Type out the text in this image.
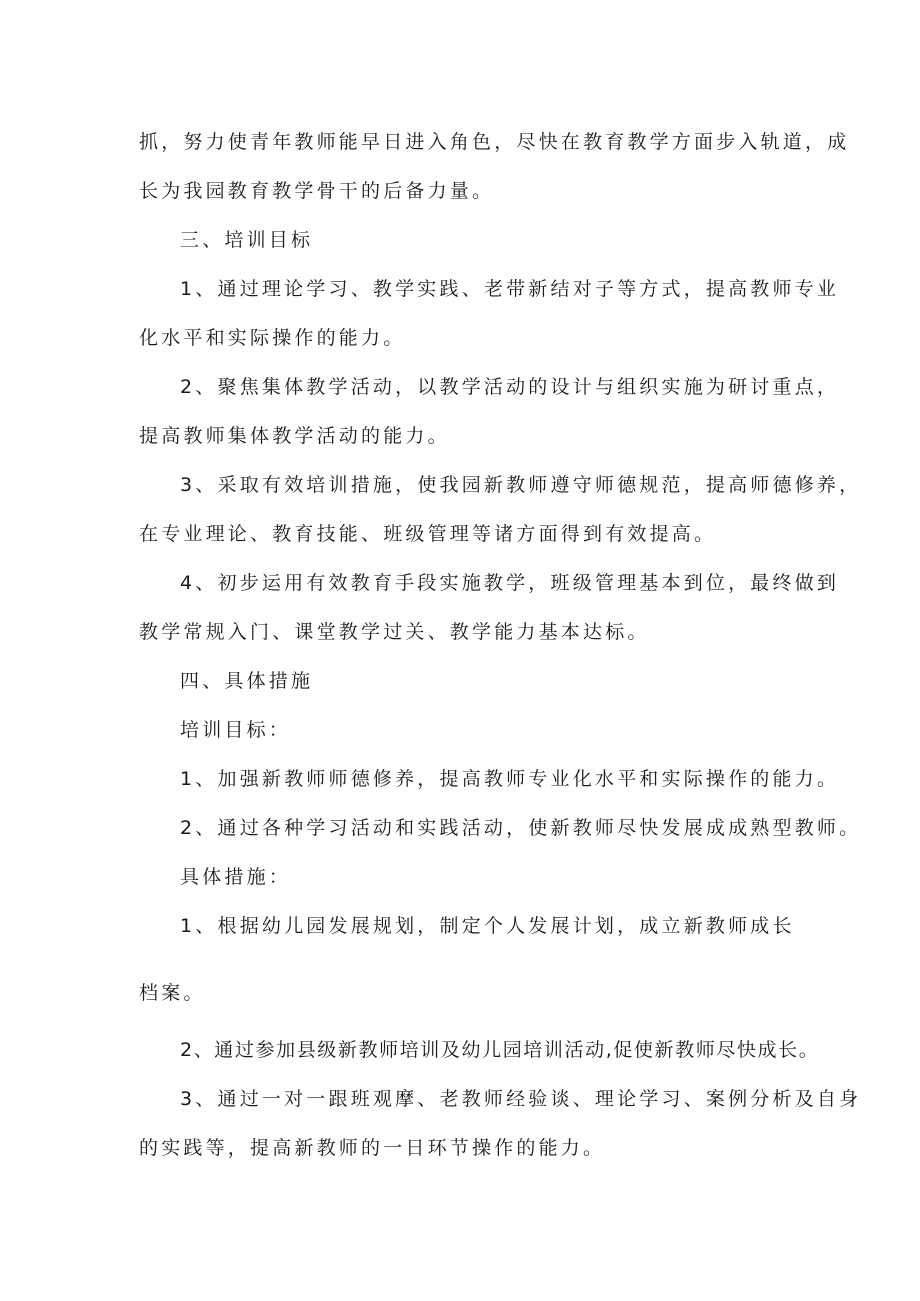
抓，努力使青年教师能早日进入角色，尽快在教育教学方面步入轨道，成
长为我园教育教学骨干的后备力量。
三、培训目标
1、通过理论学习、教学实践、老带新结对子等方式，提高教师专业
化水平和实际操作的能力。
2、聚焦集体教学活动，以教学活动的设计与组织实施为研讨重点，
提高教师集体教学活动的能力。
3、采取有效培训措施，使我园新教师遵守师德规范，提高师德修养，
在专业理论、教育技能、班级管理等诸方面得到有效提高。
4、初步运用有效教育手段实施教学，班级管理基本到位，最终做到
教学常规入门、课堂教学过关、教学能力基本达标。
四、具体措施
培训目标：
1、加强新教师师德修养，提高教师专业化水平和实际操作的能力。
2、通过各种学习活动和实践活动，使新教师尽快发展成成熟型教师。
具体措施：
1、根据幼儿园发展规划，制定个人发展计划，成立新教师成长
档案。
2、通过参加县级新教师培训及幼儿园培训活动,促使新教师尽快成长。
3、通过一对一跟班观摩、老教师经验谈、理论学习、案例分析及自身
的实践等，提高新教师的一日环节操作的能力。
